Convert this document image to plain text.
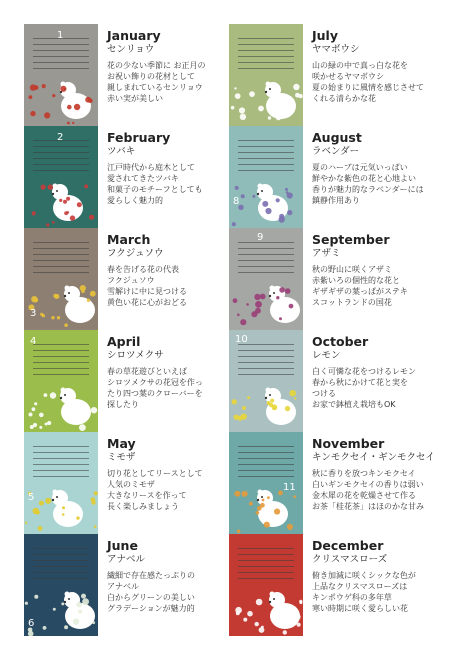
1	January
センリョウ
花の少ない季節に お正月の
お祝い飾りの花材として
親しまれているセンリョウ
赤い実が美しい
2	February
ツバキ
江戸時代から庭木として
愛されてきたツバキ
和菓子のモチーフとしても
愛らしく魅力的
3
March
フクジュソウ
春を告げる花の代表
フクジュソウ
雪解けに中に見つける
黄色い花に心がおどる
4	April
シロツメクサ
春の草花遊びといえば
シロツメクサの花冠を作っ
たり四つ葉のクローバーを
探したり
5
May
ミモザ
切り花としてリースとして
人気のミモザ
大きなリースを作って
長く楽しみましょう
6
June
アナベル
繊細で存在感たっぷりの
アナベル
白からグリーンの美しい
グラデーションが魅力的
7
July
ヤマボウシ
山の緑の中で真っ白な花を
咲かせるヤマボウシ
夏の始まりに風情を感じさせて
くれる清らかな花
8
August
ラベンダー
夏のハーブは元気いっぱい
鮮やかな紫色の花と心地よい
香りが魅力的なラベンダーには
鎮静作用あり
9	September
アザミ
秋の野山に咲くアザミ
赤紫いろの個性的な花と
ギザギザの葉っぱがステキ
スコットランドの国花
10	October
レモン
白く可憐な花をつけるレモン
春から秋にかけて花と実を
つける
お家で鉢植え栽培もOK
11
November
キンモクセイ・ギンモクセイ
秋に香りを放つキンモクセイ
白いギンモクセイの香りは弱い
金木犀の花を乾燥させて作る
お茶「桂花茶」はほのかな甘み
12
December
クリスマスローズ
俯き加減に咲くシックな色が
上品なクリスマスローズは
キンポウゲ科の多年草
寒い時期に咲く愛らしい花
